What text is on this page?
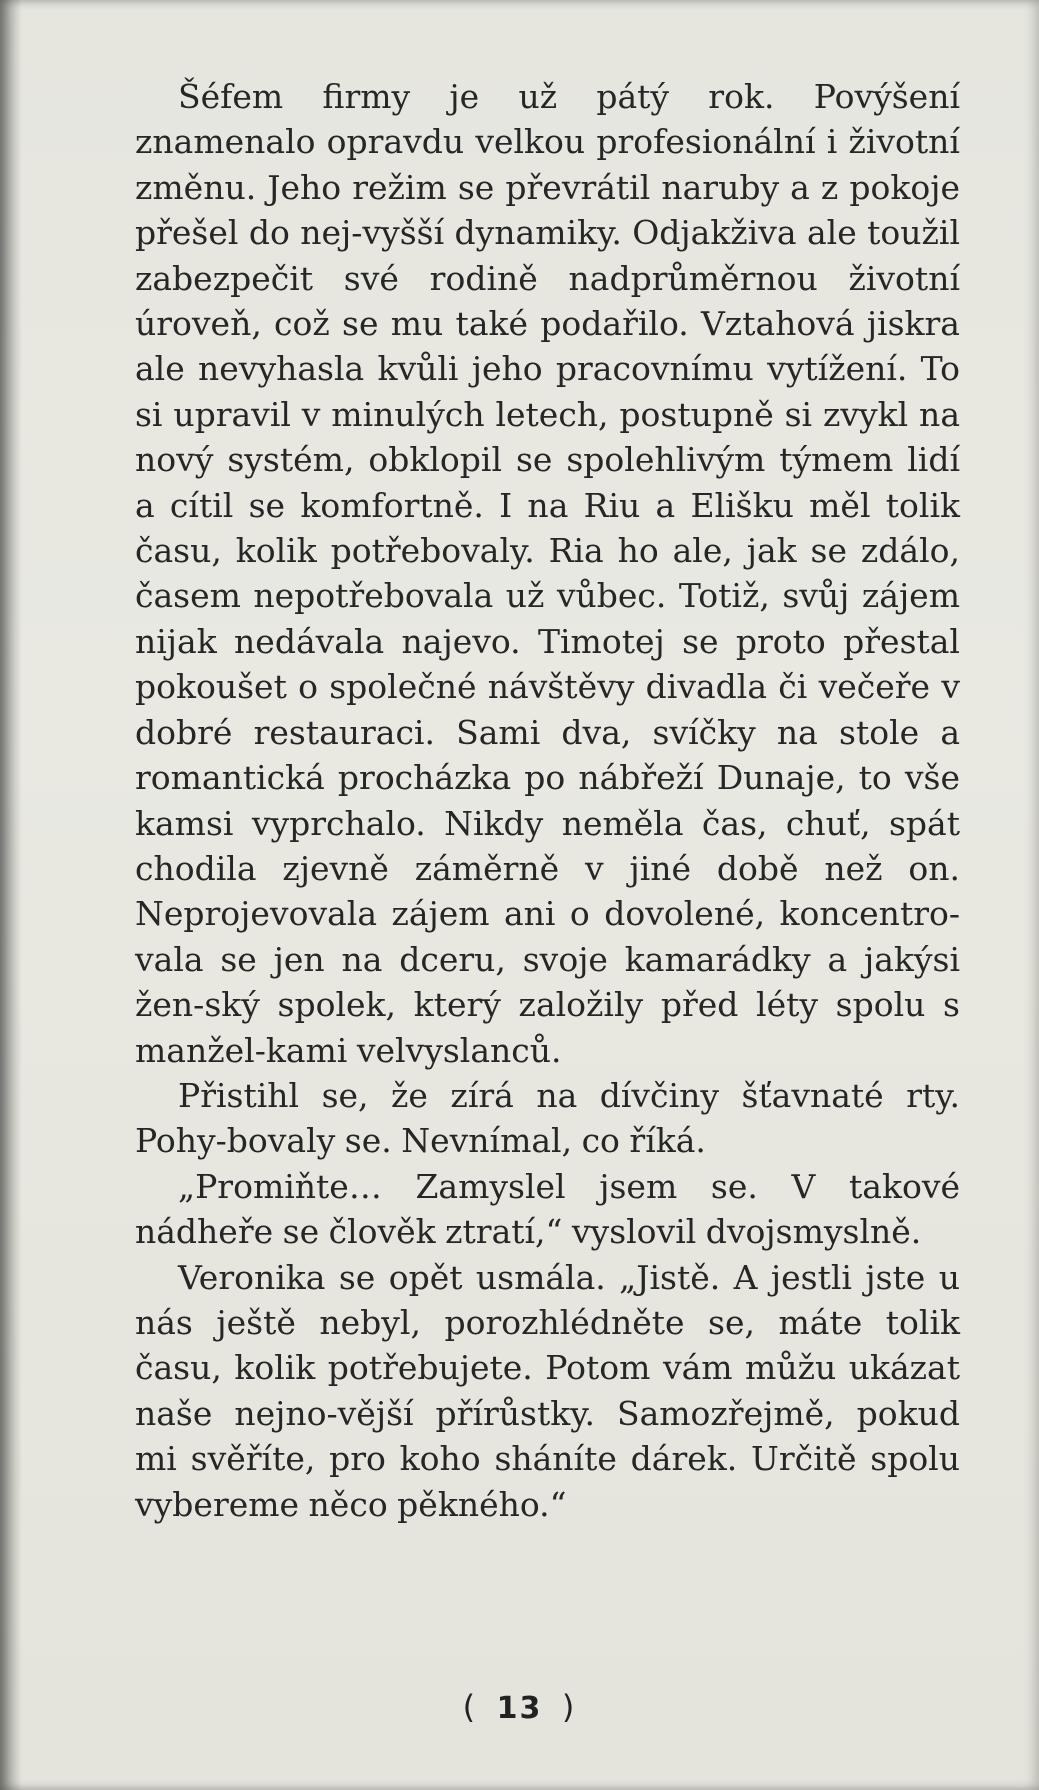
Šéfem firmy je už pátý rok. Povýšení znamenalo opravdu velkou profesionální i životní změnu. Jeho režim se převrátil naruby a z pokoje přešel do nej-vyšší dynamiky. Odjakživa ale toužil zabezpečit své rodině nadprůměrnou životní úroveň, což se mu také podařilo. Vztahová jiskra ale nevyhasla kvůli jeho pracovnímu vytížení. To si upravil v minulých letech, postupně si zvykl na nový systém, obklopil se spolehlivým týmem lidí a cítil se komfortně. I na Riu a Elišku měl tolik času, kolik potřebovaly. Ria ho ale, jak se zdálo, časem nepotřebovala už vůbec. Totiž, svůj zájem nijak nedávala najevo. Timotej se proto přestal pokoušet o společné návštěvy divadla či večeře v dobré restauraci. Sami dva, svíčky na stole a romantická procházka po nábřeží Dunaje, to vše kamsi vyprchalo. Nikdy neměla čas, chuť, spát chodila zjevně záměrně v jiné době než on. Neprojevovala zájem ani o dovolené, koncentro-vala se jen na dceru, svoje kamarádky a jakýsi žen-ský spolek, který založily před léty spolu s manžel-kami velvyslanců.

Přistihl se, že zírá na dívčiny šťavnaté rty. Pohy-bovaly se. Nevnímal, co říká.

„Promiňte… Zamyslel jsem se. V takové nádheře se člověk ztratí,“ vyslovil dvojsmyslně.

Veronika se opět usmála. „Jistě. A jestli jste u nás ještě nebyl, porozhlédněte se, máte tolik času, kolik potřebujete. Potom vám můžu ukázat naše nejno-vější přírůstky. Samozřejmě, pokud mi svěříte, pro koho sháníte dárek. Určitě spolu vybereme něco pěkného.“

( 13 )
